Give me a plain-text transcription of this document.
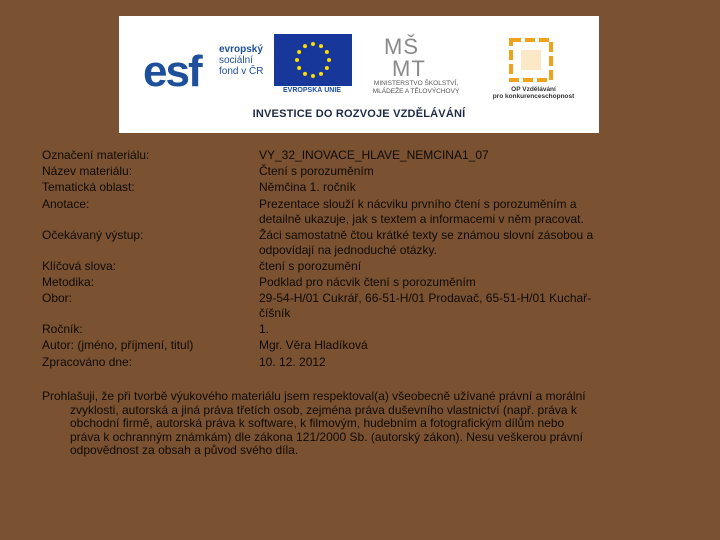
esf evropský
sociální
fond v ČR
EVROPSKÁ UNIE
MŠ
MT
MINISTERSTVO ŠKOLSTVÍ,
MLÁDEŽE A TĚLOVÝCHOVY	OP Vzdělávání
pro konkurenceschopnost
INVESTICE DO ROZVOJE VZDĚLÁVÁNÍ
Označení materiálu:
Název materiálu:
Tematická oblast:
Anotace:
Očekávaný výstup:
Klíčová slova:
Metodika:
Obor:
Ročník:
Autor: (jméno, příjmení, titul)
Zpracováno dne:
VY_32_INOVACE_HLAVE_NEMCINA1_07
Čtení s porozuměním
Němčina 1. ročník
Prezentace slouží k nácviku prvního čtení s porozuměním a
detailně ukazuje, jak s textem a informacemi v něm pracovat.
Žáci samostatně čtou krátké texty se známou slovní zásobou a
odpovídají na jednoduché otázky.
čtení s porozumění
Podklad pro nácvik čtení s porozuměním
29-54-H/01 Cukrář, 66-51-H/01 Prodavač, 65-51-H/01 Kuchař-
číšník
1.
Mgr. Věra Hladíková
10. 12. 2012
Prohlašuji, že při tvorbě výukového materiálu jsem respektoval(a) všeobecně užívané právní a morální
zvyklosti, autorská a jiná práva třetích osob, zejména práva duševního vlastnictví (např. práva k
obchodní firmě, autorská práva k software, k filmovým, hudebním a fotografickým dílům nebo
práva k ochranným známkám) dle zákona 121/2000 Sb. (autorský zákon). Nesu veškerou právní
odpovědnost za obsah a původ svého díla.
